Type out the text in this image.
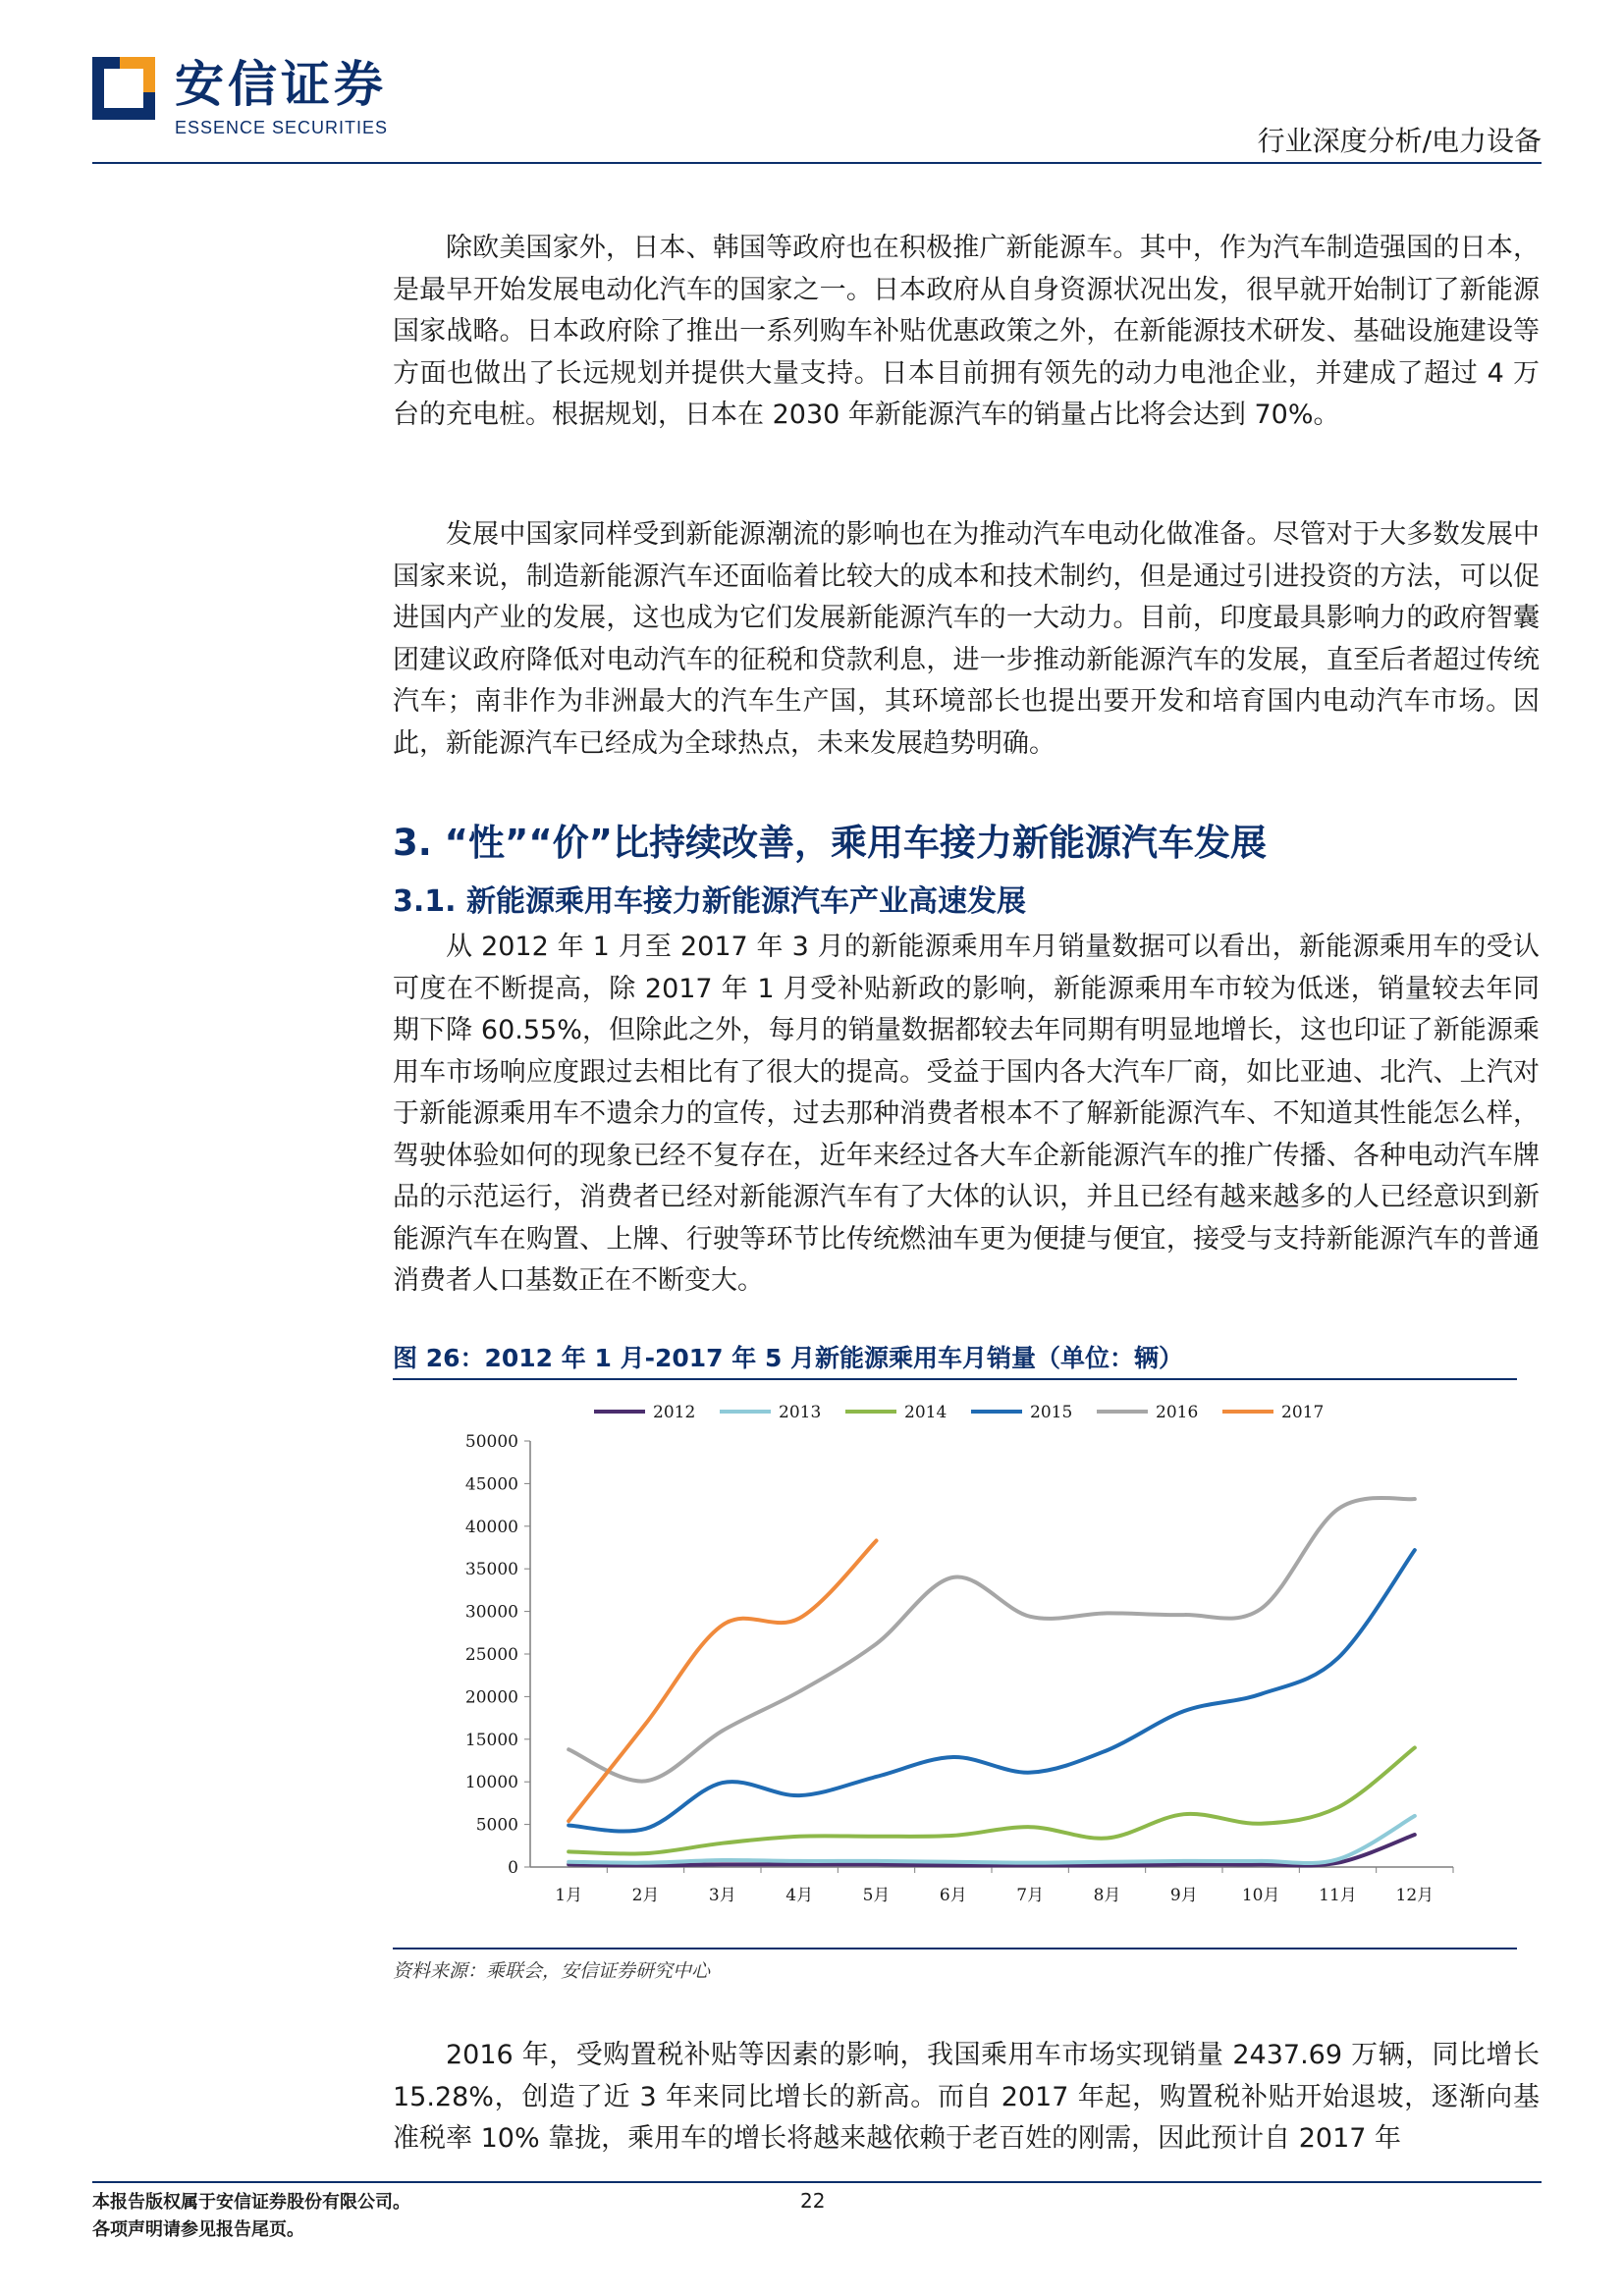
安信证券
ESSENCE SECURITIES	行业深度分析/电力设备

除欧美国家外，日本、韩国等政府也在积极推广新能源车。其中，作为汽车制造强国的日本，是最早开始发展电动化汽车的国家之一。日本政府从自身资源状况出发，很早就开始制订了新能源国家战略。日本政府除了推出一系列购车补贴优惠政策之外，在新能源技术研发、基础设施建设等方面也做出了长远规划并提供大量支持。日本目前拥有领先的动力电池企业，并建成了超过 4 万台的充电桩。根据规划，日本在 2030 年新能源汽车的销量占比将会达到 70%。

发展中国家同样受到新能源潮流的影响也在为推动汽车电动化做准备。尽管对于大多数发展中国家来说，制造新能源汽车还面临着比较大的成本和技术制约，但是通过引进投资的方法，可以促进国内产业的发展，这也成为它们发展新能源汽车的一大动力。目前，印度最具影响力的政府智囊团建议政府降低对电动汽车的征税和贷款利息，进一步推动新能源汽车的发展，直至后者超过传统汽车；南非作为非洲最大的汽车生产国，其环境部长也提出要开发和培育国内电动汽车市场。因此，新能源汽车已经成为全球热点，未来发展趋势明确。

3. “性”“价”比持续改善，乘用车接力新能源汽车发展
3.1. 新能源乘用车接力新能源汽车产业高速发展

从 2012 年 1 月至 2017 年 3 月的新能源乘用车月销量数据可以看出，新能源乘用车的受认可度在不断提高，除 2017 年 1 月受补贴新政的影响，新能源乘用车市较为低迷，销量较去年同期下降 60.55%，但除此之外，每月的销量数据都较去年同期有明显地增长，这也印证了新能源乘用车市场响应度跟过去相比有了很大的提高。受益于国内各大汽车厂商，如比亚迪、北汽、上汽对于新能源乘用车不遗余力的宣传，过去那种消费者根本不了解新能源汽车、不知道其性能怎么样，驾驶体验如何的现象已经不复存在，近年来经过各大车企新能源汽车的推广传播、各种电动汽车牌品的示范运行，消费者已经对新能源汽车有了大体的认识，并且已经有越来越多的人已经意识到新能源汽车在购置、上牌、行驶等环节比传统燃油车更为便捷与便宜，接受与支持新能源汽车的普通消费者人口基数正在不断变大。

图 26：2012 年 1 月-2017 年 5 月新能源乘用车月销量（单位：辆）
0
5000
10000
15000
20000
25000
30000
35000
40000
45000
50000
1月	2月	3月	4月	5月	6月	7月	8月	9月	10月 11月 12月
2012	2013	2014	2015	2016	2017
资料来源：乘联会，安信证券研究中心

2016 年，受购置税补贴等因素的影响，我国乘用车市场实现销量 2437.69 万辆，同比增长 15.28%，创造了近 3 年来同比增长的新高。而自 2017 年起，购置税补贴开始退坡，逐渐向基准税率 10% 靠拢，乘用车的增长将越来越依赖于老百姓的刚需，因此预计自 2017 年

本报告版权属于安信证券股份有限公司。
各项声明请参见报告尾页。
22
